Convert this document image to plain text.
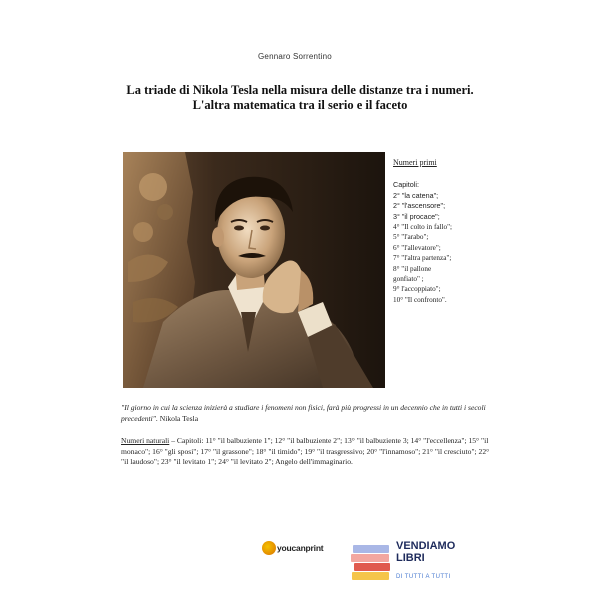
Gennaro Sorrentino
La triade di Nikola Tesla nella misura delle distanze tra i numeri.
L'altra matematica tra il serio e il faceto
Numeri primi
Capitoli:
2° "la catena";
2° "l'ascensore";
3° "il procace";
4° "Il colto in fallo";
5° "l'arabo";
6° "l'allevatore";
7° "l'altra partenza";
8° "il pallone
gonfiato" ;
9° l'accoppiato";
10° "Il confronto".
"Il giorno in cui la scienza inizierà a studiare i fenomeni non fisici, farà più progressi in un decennio che in tutti i secoli precedenti". Nikola Tesla
Numeri naturali – Capitoli: 11° "il balbuziente 1"; 12° "il balbuziente 2"; 13° "il balbuziente 3; 14° "l'eccellenza"; 15° "il monaco"; 16° "gli sposi"; 17° "il grassone"; 18° "il timido"; 19° "il trasgressivo; 20° "l'innamoso"; 21° "il cresciuto"; 22° "il laudoso"; 23° "il levitato 1"; 24° "il levitato 2"; Angelo dell'immaginario.
youcanprint	VENDIAMO
LIBRI
DI TUTTI A TUTTI
